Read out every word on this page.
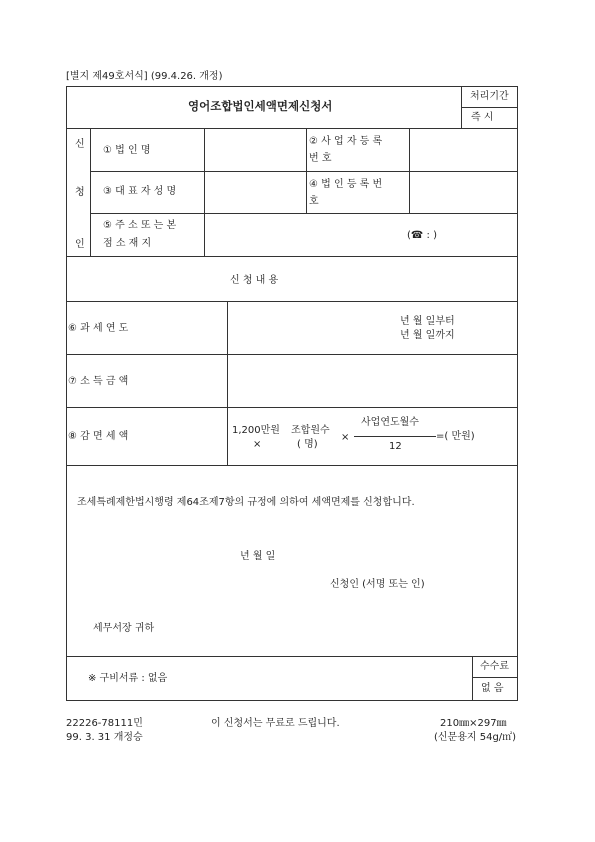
[별지 제49호서식] (99.4.26. 개정)
영어조합법인세액면제신청서
처리기간
즉 시
신
청
인
① 법 인 명
② 사 업 자 등 록
번 호
③ 대 표 자 성 명
④ 법 인 등 록 번
호
⑤ 주 소 또 는 본
점 소 재 지
(☎ : )
신 청 내 용
⑥ 과 세 연 도
년 월 일부터
년 월 일까지
⑦ 소 득 금 액
⑧ 감 면 세 액
1,200만원
×
조합원수
( 명)
×
사업연도월수
12
=( 만원)
조세특례제한법시행령 제64조제7항의 규정에 의하여 세액면제를 신청합니다.
년 월 일
신청인 (서명 또는 인)
세무서장 귀하
※ 구비서류 : 없음
수수료
없 음
22226-78111민
99. 3. 31 개정승
이 신청서는 무료로 드립니다.	210㎜×297㎜
(신문용지 54g/㎡)
